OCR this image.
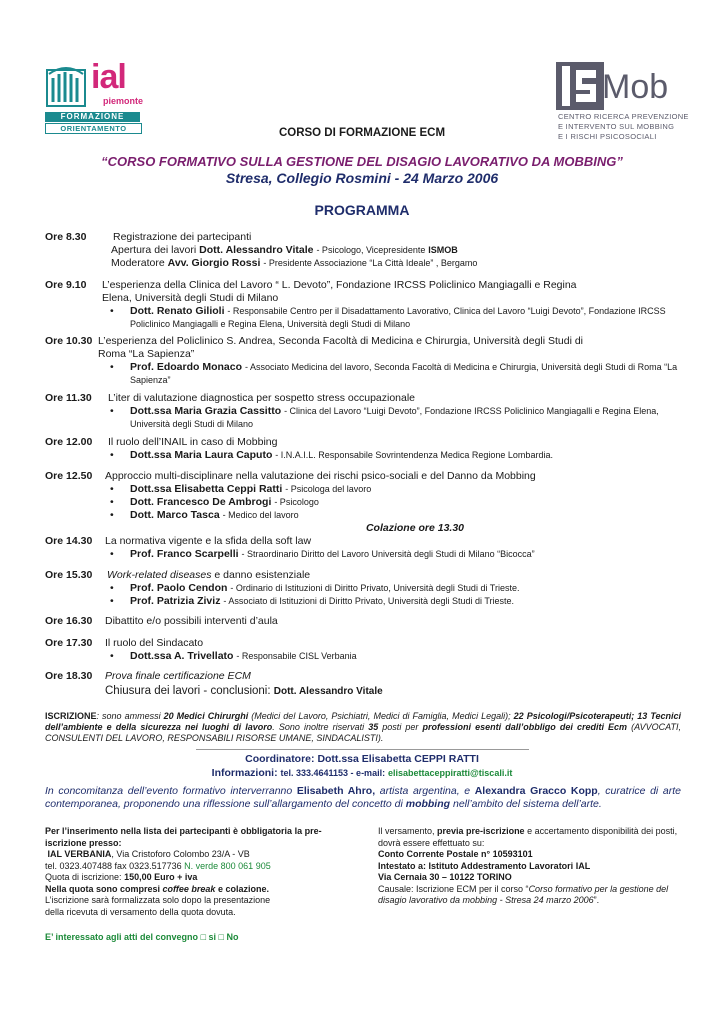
ial
piemonte
FORMAZIONE
ORIENTAMENTO
Mob
CENTRO RICERCA PREVENZIONE
E INTERVENTO SUL MOBBING
E I RISCHI PSICOSOCIALI
CORSO DI FORMAZIONE ECM
“CORSO FORMATIVO SULLA GESTIONE DEL DISAGIO LAVORATIVO DA MOBBING”
Stresa, Collegio Rosmini - 24 Marzo 2006
PROGRAMMA
Ore 8.30	Registrazione dei partecipanti
Apertura dei lavori Dott. Alessandro Vitale - Psicologo, Vicepresidente ISMOB
Moderatore Avv. Giorgio Rossi - Presidente Associazione “La Città Ideale” , Bergamo
Ore 9.10 L’esperienza della Clinica del Lavoro “ L. Devoto”, Fondazione IRCSS Policlinico Mangiagalli e Regina
Elena, Università degli Studi di Milano
• Dott. Renato Gilioli - Responsabile Centro per il Disadattamento Lavorativo, Clinica del Lavoro “Luigi Devoto”, Fondazione IRCSS Policlinico Mangiagalli e Regina Elena, Università degli Studi di Milano
Ore 10.30 L’esperienza del Policlinico S. Andrea, Seconda Facoltà di Medicina e Chirurgia, Università degli Studi di
Roma “La Sapienza”
• Prof. Edoardo Monaco - Associato Medicina del lavoro, Seconda Facoltà di Medicina e Chirurgia, Università degli Studi di Roma “La Sapienza”
Ore 11.30 L’iter di valutazione diagnostica per sospetto stress occupazionale
• Dott.ssa Maria Grazia Cassitto - Clinica del Lavoro “Luigi Devoto”, Fondazione IRCSS Policlinico Mangiagalli e Regina Elena, Università degli Studi di Milano
Ore 12.00 Il ruolo dell’INAIL in caso di Mobbing
• Dott.ssa Maria Laura Caputo - I.N.A.I.L. Responsabile Sovrintendenza Medica Regione Lombardia.
Ore 12.50 Approccio multi-disciplinare nella valutazione dei rischi psico-sociali e del Danno da Mobbing
• Dott.ssa Elisabetta Ceppi Ratti - Psicologa del lavoro
• Dott. Francesco De Ambrogi - Psicologo
• Dott. Marco Tasca - Medico del lavoro
Colazione ore 13.30
Ore 14.30 La normativa vigente e la sfida della soft law
• Prof. Franco Scarpelli - Straordinario Diritto del Lavoro Università degli Studi di Milano “Bicocca”
Ore 15.30 Work-related diseases e danno esistenziale
• Prof. Paolo Cendon - Ordinario di Istituzioni di Diritto Privato, Università degli Studi di Trieste.
• Prof. Patrizia Ziviz - Associato di Istituzioni di Diritto Privato, Università degli Studi di Trieste.
Ore 16.30 Dibattito e/o possibili interventi d’aula
Ore 17.30 Il ruolo del Sindacato
• Dott.ssa A. Trivellato - Responsabile CISL Verbania
Ore 18.30 Prova finale certificazione ECM
Chiusura dei lavori - conclusioni: Dott. Alessandro Vitale
ISCRIZIONE: sono ammessi 20 Medici Chirurghi (Medici del Lavoro, Psichiatri, Medici di Famiglia, Medici Legali); 22 Psicologi/Psicoterapeuti; 13 Tecnici dell’ambiente e della sicurezza nei luoghi di lavoro. Sono inoltre riservati 35 posti per professioni esenti dall’obbligo dei crediti Ecm (AVVOCATI, CONSULENTI DEL LAVORO, RESPONSABILI RISORSE UMANE, SINDACALISTI).
Coordinatore: Dott.ssa Elisabetta CEPPI RATTI
Informazioni: tel. 333.4641153 - e-mail: elisabettaceppiratti@tiscali.it
In concomitanza dell’evento formativo interverranno Elisabeth Ahro, artista argentina, e Alexandra Gracco Kopp, curatrice di arte contemporanea, proponendo una riflessione sull’allargamento del concetto di mobbing nell’ambito del sistema dell’arte.
Per l’inserimento nella lista dei partecipanti è obbligatoria la pre-iscrizione presso:
IAL VERBANIA, Via Cristoforo Colombo 23/A - VB
tel. 0323.407488 fax 0323.517736 N. verde 800 061 905
Quota di iscrizione: 150,00 Euro + iva
Nella quota sono compresi coffee break e colazione.
L’iscrizione sarà formalizzata solo dopo la presentazione
della ricevuta di versamento della quota dovuta.
E’ interessato agli atti del convegno □ si □ No
Il versamento, previa pre-iscrizione e accertamento disponibilità dei posti, dovrà essere effettuato su:
Conto Corrente Postale n° 10593101
Intestato a: Istituto Addestramento Lavoratori IAL
Via Cernaia 30 – 10122 TORINO
Causale: Iscrizione ECM per il corso “Corso formativo per la gestione del disagio lavorativo da mobbing - Stresa 24 marzo 2006”.
